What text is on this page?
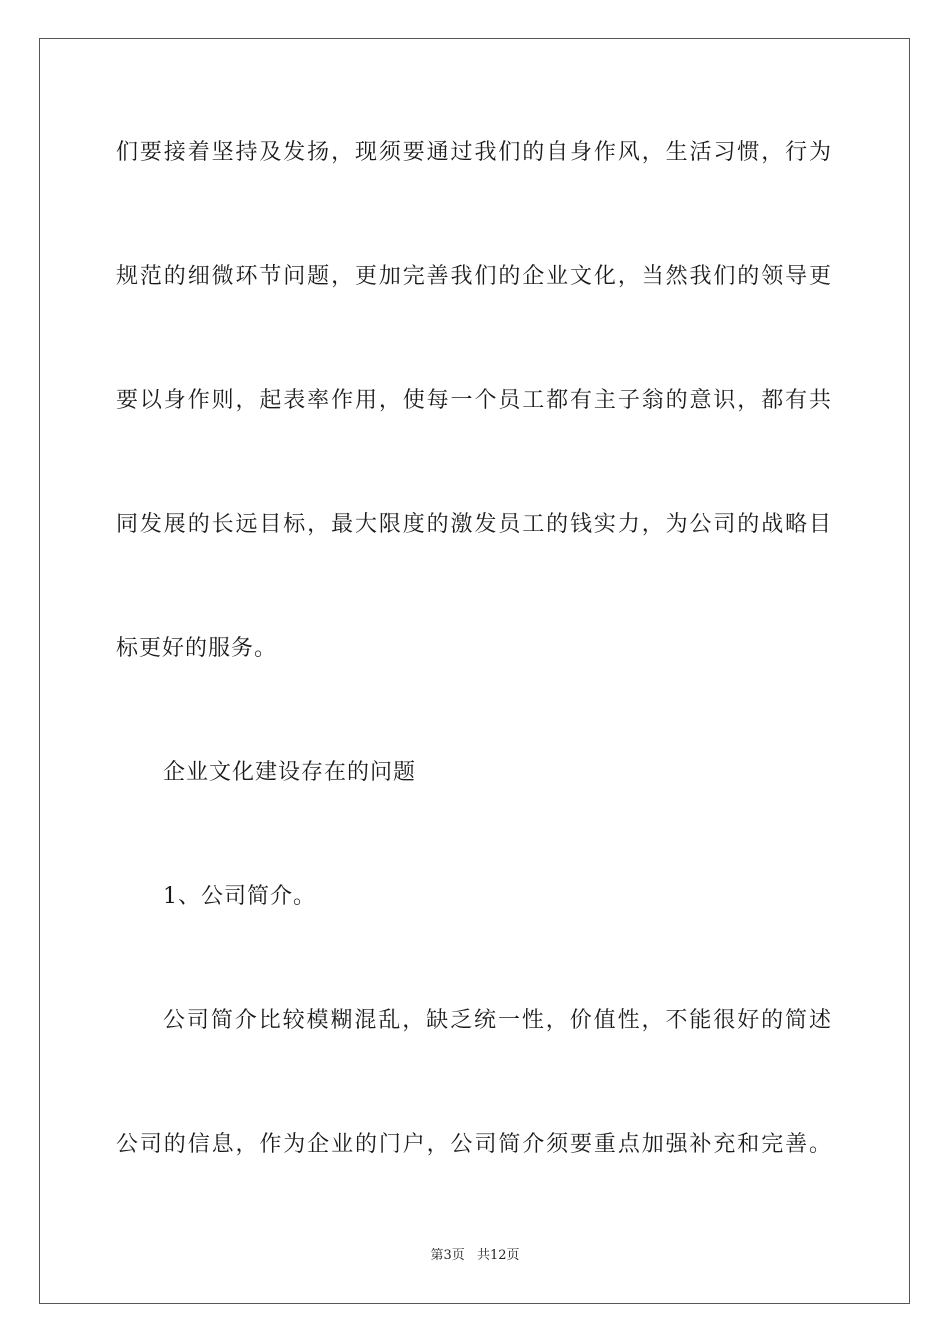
们要接着坚持及发扬，现须要通过我们的自身作风，生活习惯，行为
规范的细微环节问题，更加完善我们的企业文化，当然我们的领导更
要以身作则，起表率作用，使每一个员工都有主子翁的意识，都有共
同发展的长远目标，最大限度的激发员工的钱实力，为公司的战略目
标更好的服务。
企业文化建设存在的问题
1、公司简介。
公司简介比较模糊混乱，缺乏统一性，价值性，不能很好的简述
公司的信息，作为企业的门户，公司简介须要重点加强补充和完善。
第3页 共12页
